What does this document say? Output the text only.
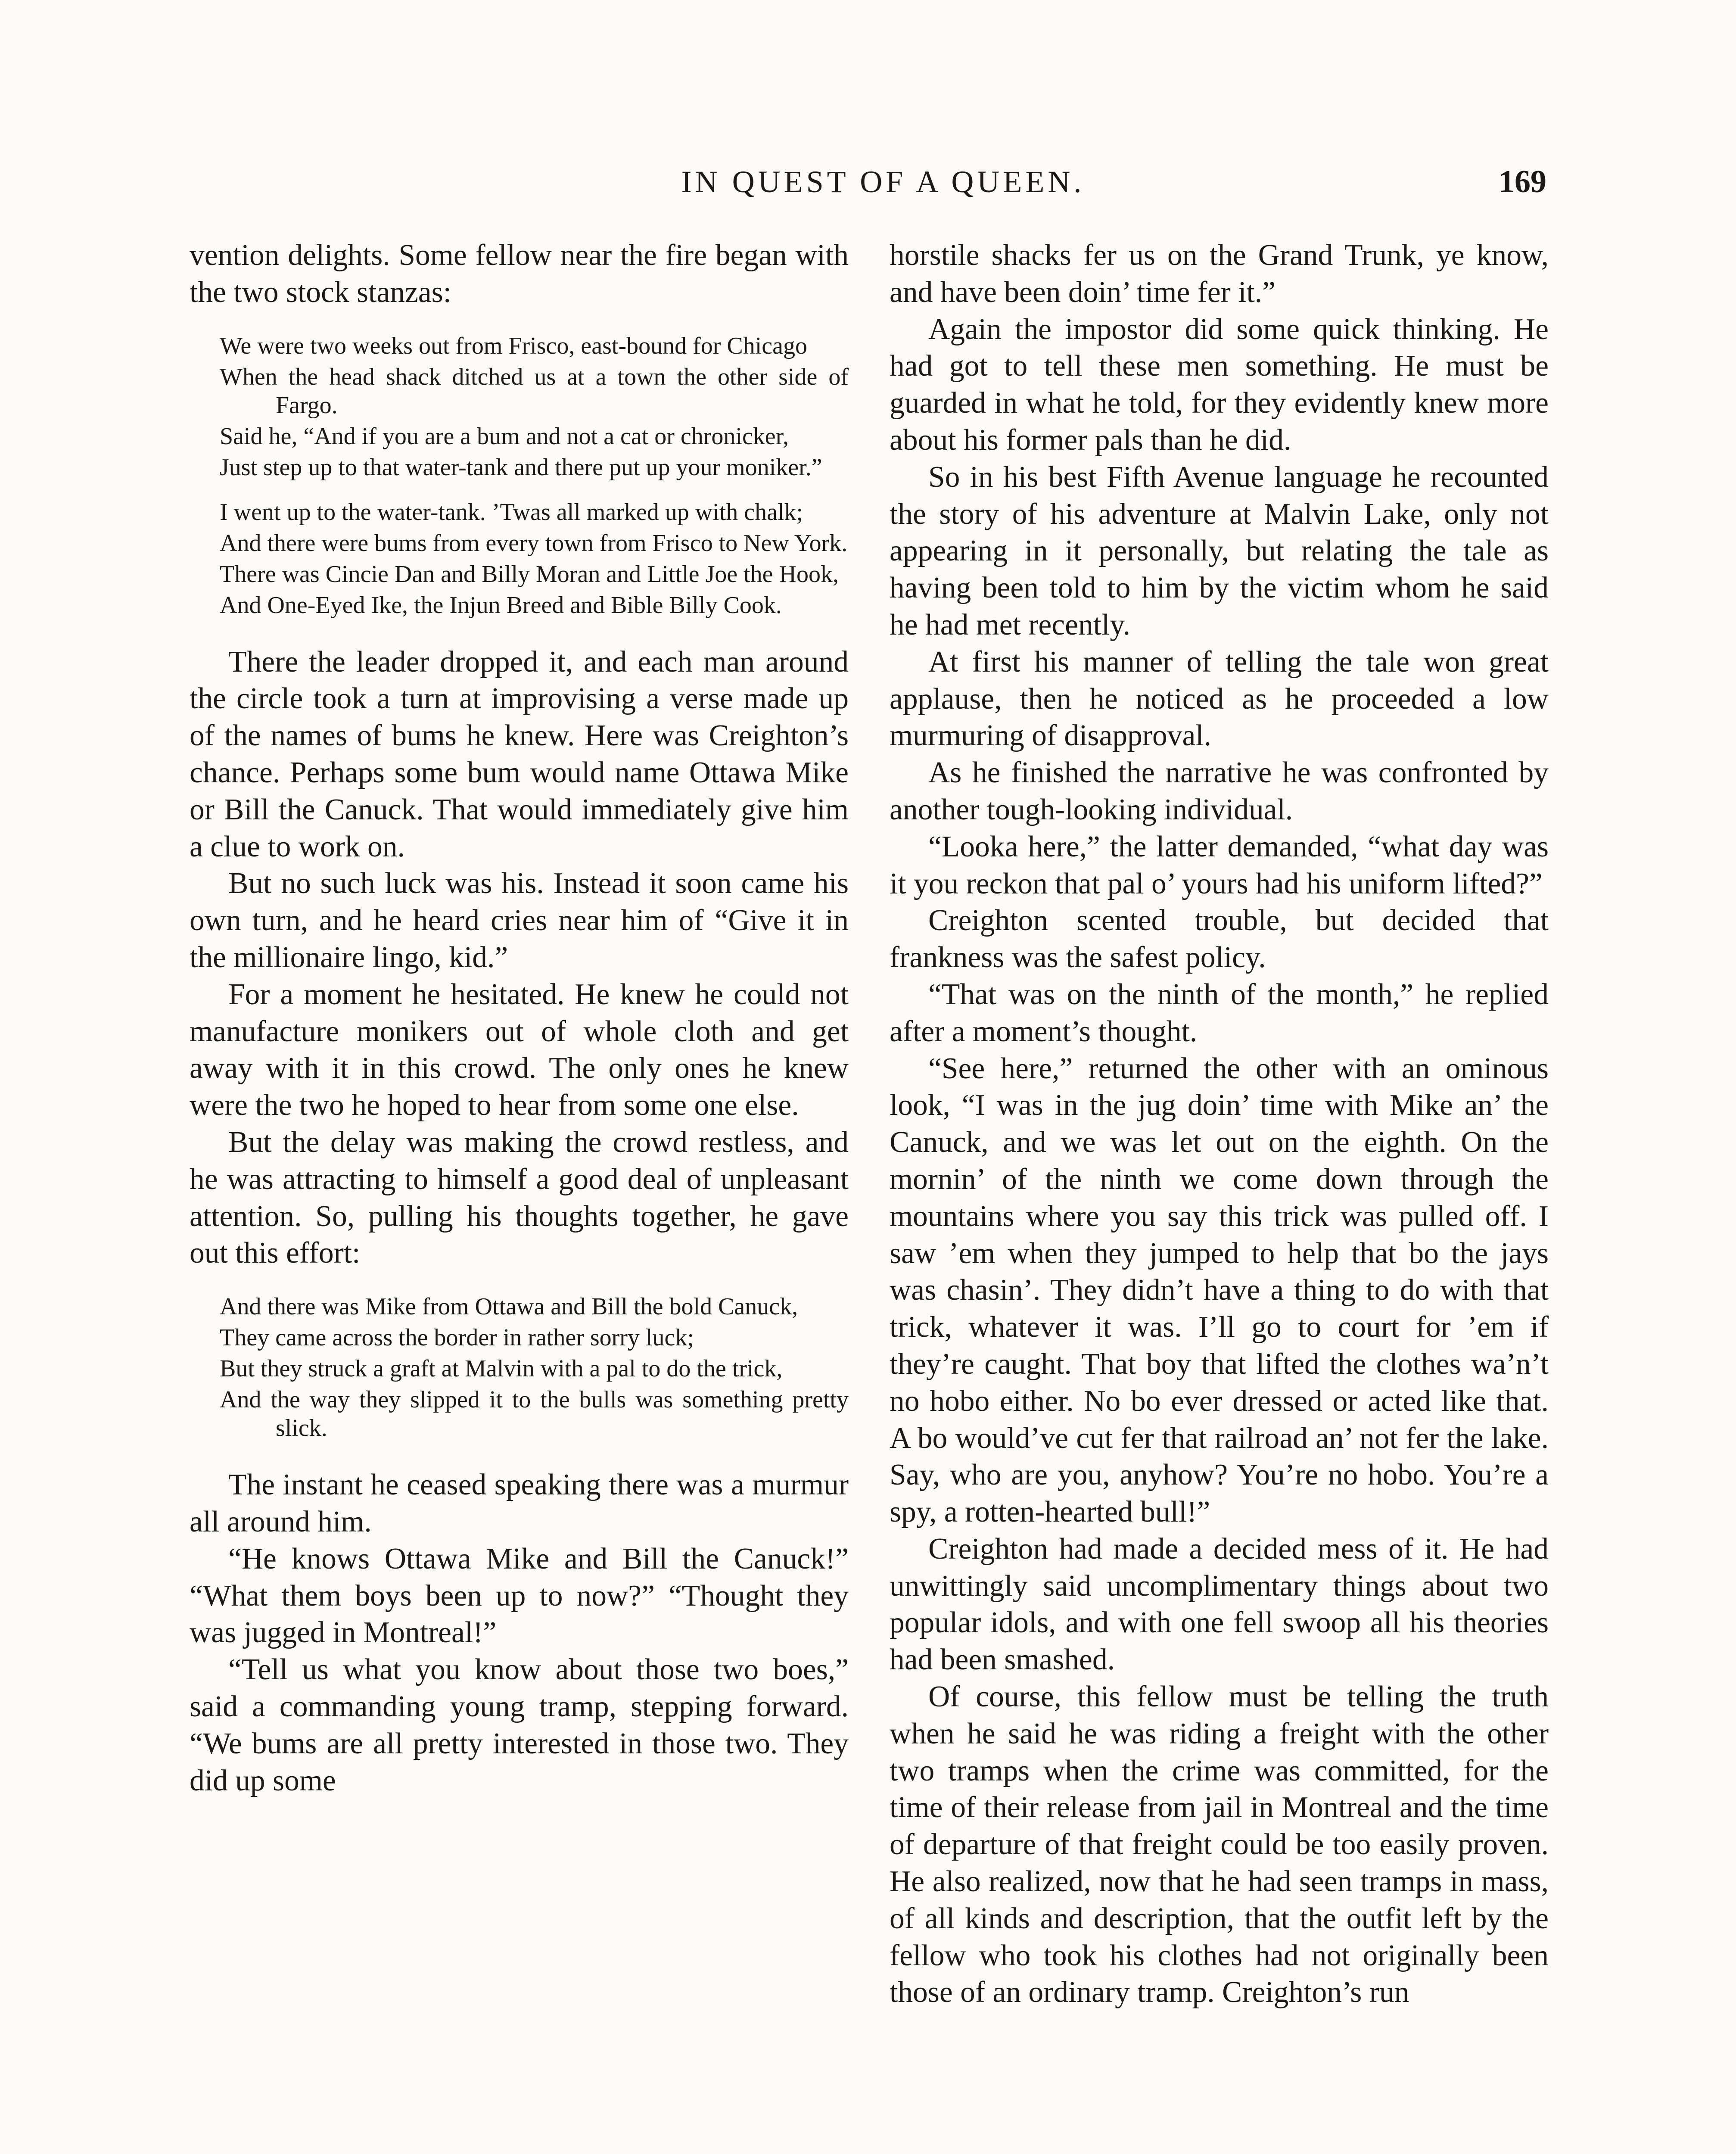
IN QUEST OF A QUEEN.	169

vention delights. Some fellow near the fire began with the two stock stanzas:

We were two weeks out from Frisco, east-bound for Chicago

When the head shack ditched us at a town the other side of Fargo.

Said he, “And if you are a bum and not a cat or chronicker,

Just step up to that water-tank and there put up your moniker.”

I went up to the water-tank. ’Twas all marked up with chalk;

And there were bums from every town from Frisco to New York.

There was Cincie Dan and Billy Moran and Little Joe the Hook,

And One-Eyed Ike, the Injun Breed and Bible Billy Cook.

There the leader dropped it, and each man around the circle took a turn at improvising a verse made up of the names of bums he knew. Here was Creighton’s chance. Perhaps some bum would name Ottawa Mike or Bill the Canuck. That would immediately give him a clue to work on.

But no such luck was his. Instead it soon came his own turn, and he heard cries near him of “Give it in the millionaire lingo, kid.”

For a moment he hesitated. He knew he could not manufacture monikers out of whole cloth and get away with it in this crowd. The only ones he knew were the two he hoped to hear from some one else.

But the delay was making the crowd restless, and he was attracting to himself a good deal of unpleasant attention. So, pulling his thoughts together, he gave out this effort:

And there was Mike from Ottawa and Bill the bold Canuck,

They came across the border in rather sorry luck;

But they struck a graft at Malvin with a pal to do the trick,

And the way they slipped it to the bulls was something pretty slick.

The instant he ceased speaking there was a murmur all around him.

“He knows Ottawa Mike and Bill the Canuck!” “What them boys been up to now?” “Thought they was jugged in Montreal!”

“Tell us what you know about those two boes,” said a commanding young tramp, stepping forward. “We bums are all pretty interested in those two. They did up some

horstile shacks fer us on the Grand Trunk, ye know, and have been doin’ time fer it.”

Again the impostor did some quick thinking. He had got to tell these men something. He must be guarded in what he told, for they evidently knew more about his former pals than he did.

So in his best Fifth Avenue language he recounted the story of his adventure at Malvin Lake, only not appearing in it personally, but relating the tale as having been told to him by the victim whom he said he had met recently.

At first his manner of telling the tale won great applause, then he noticed as he proceeded a low murmuring of disapproval.

As he finished the narrative he was confronted by another tough-looking individual.

“Looka here,” the latter demanded, “what day was it you reckon that pal o’ yours had his uniform lifted?”

Creighton scented trouble, but decided that frankness was the safest policy.

“That was on the ninth of the month,” he replied after a moment’s thought.

“See here,” returned the other with an ominous look, “I was in the jug doin’ time with Mike an’ the Canuck, and we was let out on the eighth. On the mornin’ of the ninth we come down through the mountains where you say this trick was pulled off. I saw ’em when they jumped to help that bo the jays was chasin’. They didn’t have a thing to do with that trick, whatever it was. I’ll go to court for ’em if they’re caught. That boy that lifted the clothes wa’n’t no hobo either. No bo ever dressed or acted like that. A bo would’ve cut fer that railroad an’ not fer the lake. Say, who are you, anyhow? You’re no hobo. You’re a spy, a rotten-hearted bull!”

Creighton had made a decided mess of it. He had unwittingly said uncomplimentary things about two popular idols, and with one fell swoop all his theories had been smashed.

Of course, this fellow must be telling the truth when he said he was riding a freight with the other two tramps when the crime was committed, for the time of their release from jail in Montreal and the time of departure of that freight could be too easily proven. He also realized, now that he had seen tramps in mass, of all kinds and description, that the outfit left by the fellow who took his clothes had not originally been those of an ordinary tramp. Creighton’s run
